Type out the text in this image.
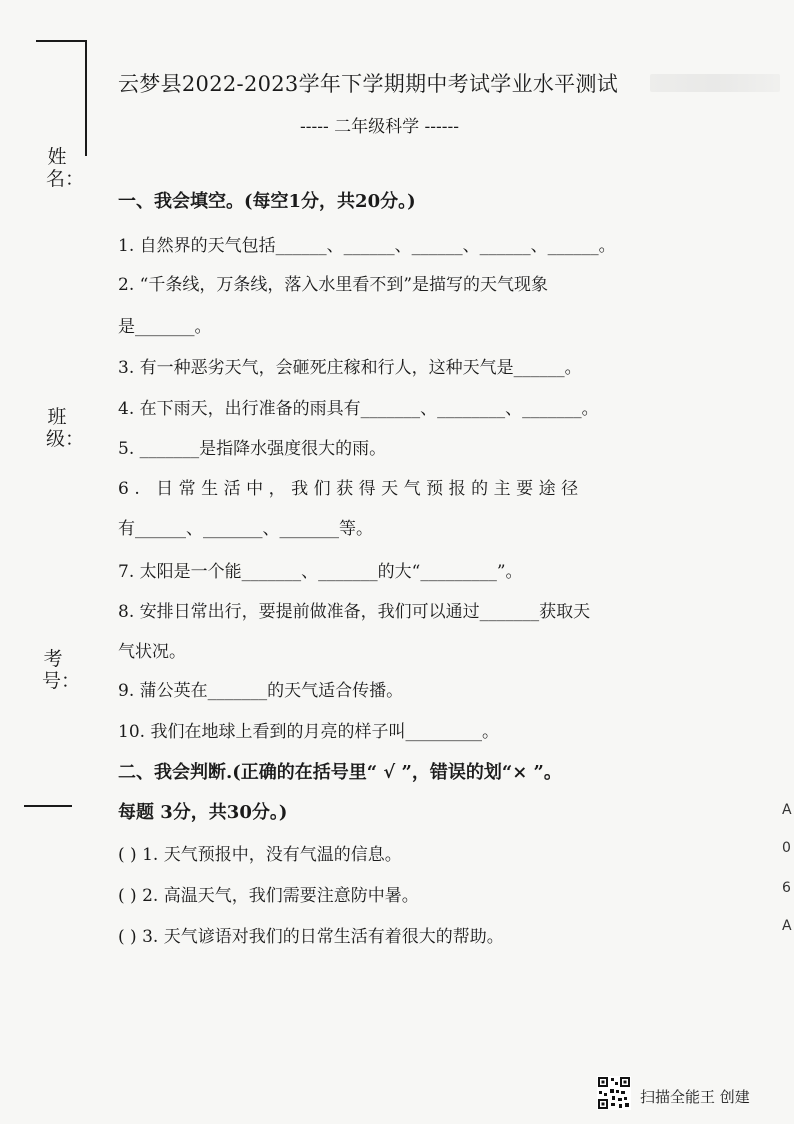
姓名：
班级：
考号：
云梦县2022-2023学年下学期期中考试学业水平测试
----- 二年级科学 ------
一、我会填空。(每空1分，共20分。)
1. 自然界的天气包括______、______、______、______、______。
2. “千条线，万条线，落入水里看不到”是描写的天气现象
是_______。
3. 有一种恶劣天气，会砸死庄稼和行人，这种天气是______。
4. 在下雨天，出行准备的雨具有_______、________、_______。
5. _______是指降水强度很大的雨。
6. 日常生活中，我们获得天气预报的主要途径
有______、_______、_______等。
7. 太阳是一个能_______、_______的大“_________”。
8. 安排日常出行，要提前做准备，我们可以通过_______获取天
气状况。
9. 蒲公英在_______的天气适合传播。
10. 我们在地球上看到的月亮的样子叫_________。
二、我会判断.(正确的在括号里“ √ ”，错误的划“× ”。
每题 3分，共30分。)
( ) 1. 天气预报中，没有气温的信息。
( ) 2. 高温天气，我们需要注意防中暑。
( ) 3. 天气谚语对我们的日常生活有着很大的帮助。
A
0
6
A
扫描全能王 创建
